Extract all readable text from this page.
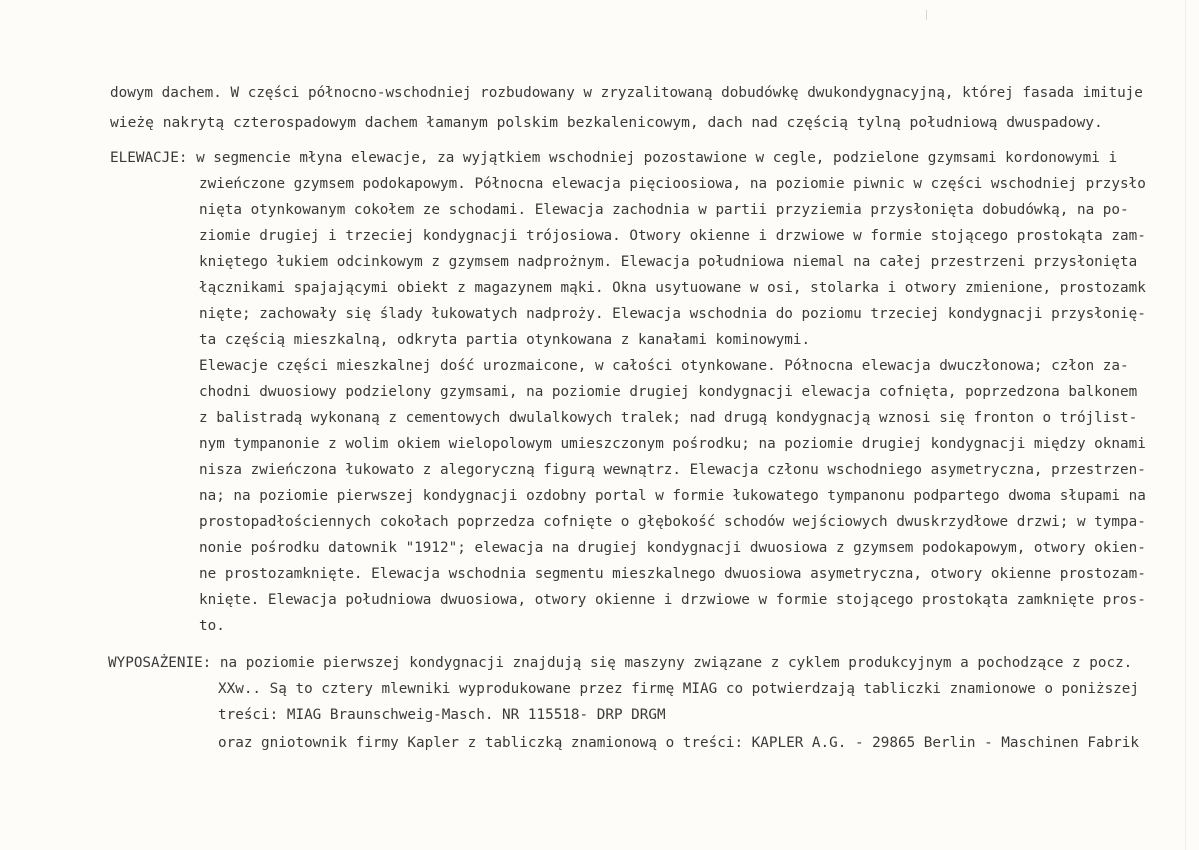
dowym dachem. W części północno-wschodniej rozbudowany w zryzalitowaną dobudówkę dwukondygnacyjną, której fasada imituje
wieżę nakrytą czterospadowym dachem łamanym polskim bezkalenicowym, dach nad częścią tylną południową dwuspadowy.
ELEWACJE: w segmencie młyna elewacje, za wyjątkiem wschodniej pozostawione w cegle, podzielone gzymsami kordonowymi i
zwieńczone gzymsem podokapowym. Północna elewacja pięcioosiowa, na poziomie piwnic w części wschodniej przysło
nięta otynkowanym cokołem ze schodami. Elewacja zachodnia w partii przyziemia przysłonięta dobudówką, na po-
ziomie drugiej i trzeciej kondygnacji trójosiowa. Otwory okienne i drzwiowe w formie stojącego prostokąta zam-
kniętego łukiem odcinkowym z gzymsem nadprożnym. Elewacja południowa niemal na całej przestrzeni przysłonięta
łącznikami spajającymi obiekt z magazynem mąki. Okna usytuowane w osi, stolarka i otwory zmienione, prostozamk
nięte; zachowały się ślady łukowatych nadproży. Elewacja wschodnia do poziomu trzeciej kondygnacji przysłonię-
ta częścią mieszkalną, odkryta partia otynkowana z kanałami kominowymi.
Elewacje części mieszkalnej dość urozmaicone, w całości otynkowane. Północna elewacja dwuczłonowa; człon za-
chodni dwuosiowy podzielony gzymsami, na poziomie drugiej kondygnacji elewacja cofnięta, poprzedzona balkonem
z balistradą wykonaną z cementowych dwulalkowych tralek; nad drugą kondygnacją wznosi się fronton o trójlist-
nym tympanonie z wolim okiem wielopolowym umieszczonym pośrodku; na poziomie drugiej kondygnacji między oknami
nisza zwieńczona łukowato z alegoryczną figurą wewnątrz. Elewacja członu wschodniego asymetryczna, przestrzen-
na; na poziomie pierwszej kondygnacji ozdobny portal w formie łukowatego tympanonu podpartego dwoma słupami na
prostopadłościennych cokołach poprzedza cofnięte o głębokość schodów wejściowych dwuskrzydłowe drzwi; w tympa-
nonie pośrodku datownik "1912"; elewacja na drugiej kondygnacji dwuosiowa z gzymsem podokapowym, otwory okien-
ne prostozamknięte. Elewacja wschodnia segmentu mieszkalnego dwuosiowa asymetryczna, otwory okienne prostozam-
knięte. Elewacja południowa dwuosiowa, otwory okienne i drzwiowe w formie stojącego prostokąta zamknięte pros-
to.
WYPOSAŻENIE: na poziomie pierwszej kondygnacji znajdują się maszyny związane z cyklem produkcyjnym a pochodzące z pocz.
XXw.. Są to cztery mlewniki wyprodukowane przez firmę MIAG co potwierdzają tabliczki znamionowe o poniższej
treści: MIAG Braunschweig-Masch. NR 115518- DRP DRGM
oraz gniotownik firmy Kapler z tabliczką znamionową o treści: KAPLER A.G. - 29865 Berlin - Maschinen Fabrik
